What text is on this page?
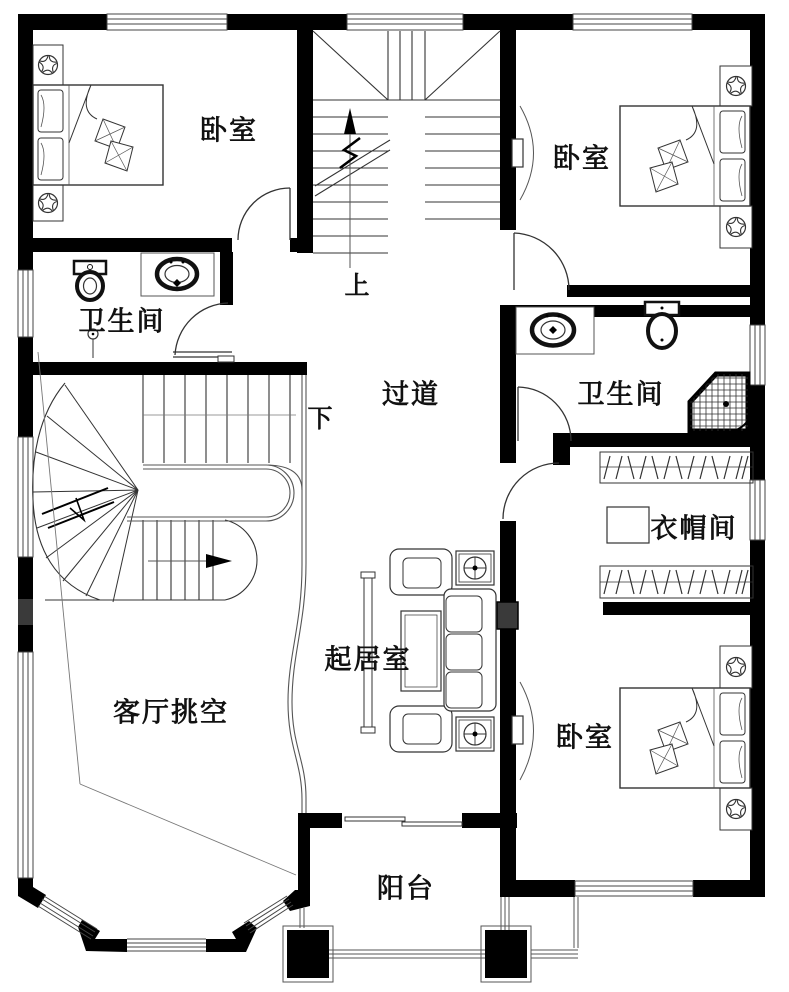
卧室
卧室
卫生间
过道	卫生间
衣帽间
客厅挑空
起居室
卧室
阳台
上
下
